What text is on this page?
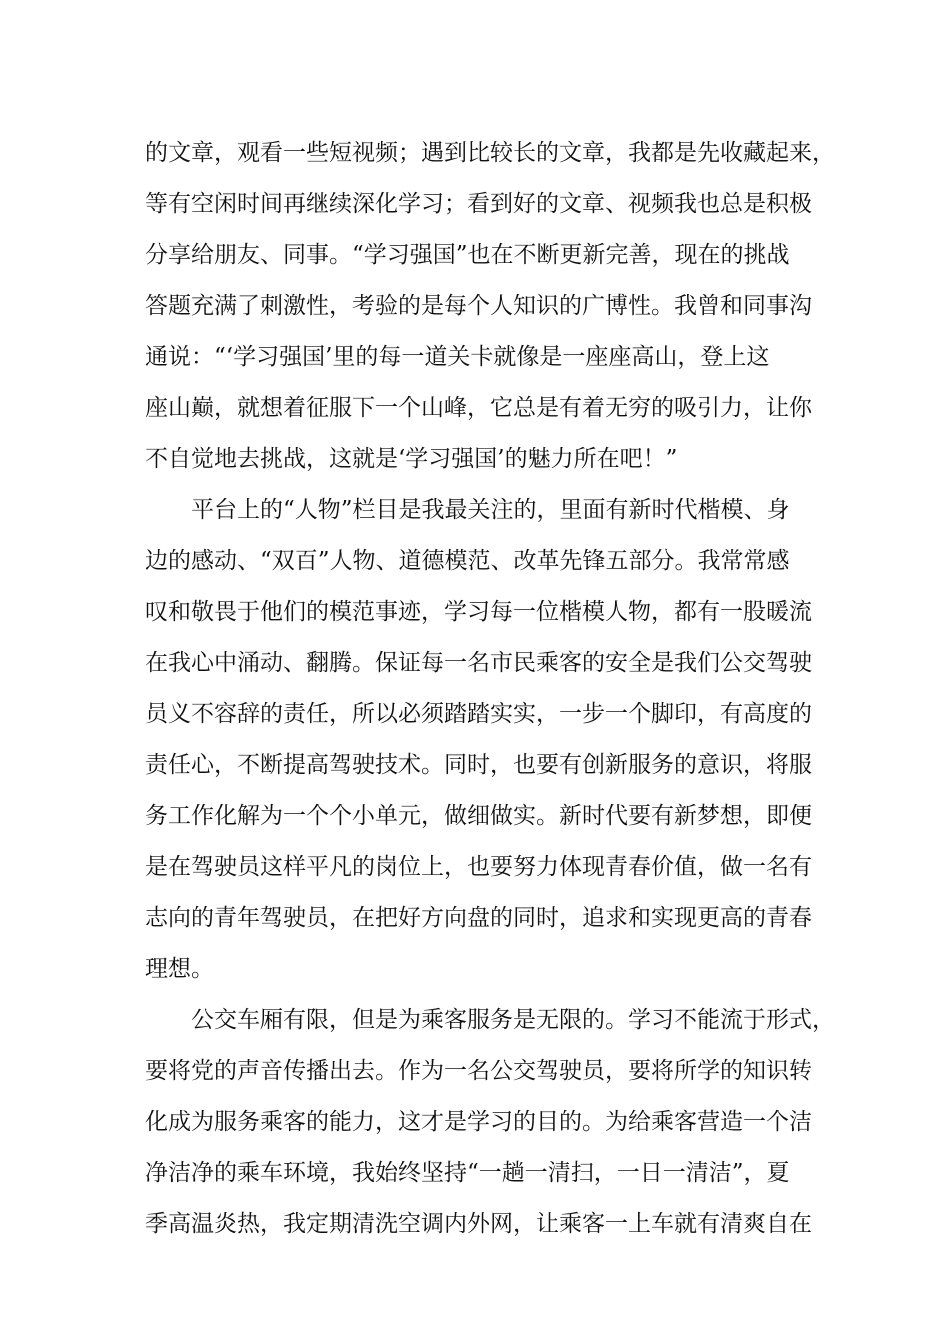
的文章，观看一些短视频；遇到比较长的文章，我都是先收藏起来，
等有空闲时间再继续深化学习；看到好的文章、视频我也总是积极
分享给朋友、同事。“学习强国”也在不断更新完善，现在的挑战
答题充满了刺激性，考验的是每个人知识的广博性。我曾和同事沟
通说：“‘学习强国’里的每一道关卡就像是一座座高山，登上这
座山巅，就想着征服下一个山峰，它总是有着无穷的吸引力，让你
不自觉地去挑战，这就是‘学习强国’的魅力所在吧！”
　　平台上的“人物”栏目是我最关注的，里面有新时代楷模、身
边的感动、“双百”人物、道德模范、改革先锋五部分。我常常感
叹和敬畏于他们的模范事迹，学习每一位楷模人物，都有一股暖流
在我心中涌动、翻腾。保证每一名市民乘客的安全是我们公交驾驶
员义不容辞的责任，所以必须踏踏实实，一步一个脚印，有高度的
责任心，不断提高驾驶技术。同时，也要有创新服务的意识，将服
务工作化解为一个个小单元，做细做实。新时代要有新梦想，即便
是在驾驶员这样平凡的岗位上，也要努力体现青春价值，做一名有
志向的青年驾驶员，在把好方向盘的同时，追求和实现更高的青春
理想。
　　公交车厢有限，但是为乘客服务是无限的。学习不能流于形式，
要将党的声音传播出去。作为一名公交驾驶员，要将所学的知识转
化成为服务乘客的能力，这才是学习的目的。为给乘客营造一个洁
净洁净的乘车环境，我始终坚持“一趟一清扫，一日一清洁”，夏
季高温炎热，我定期清洗空调内外网，让乘客一上车就有清爽自在
